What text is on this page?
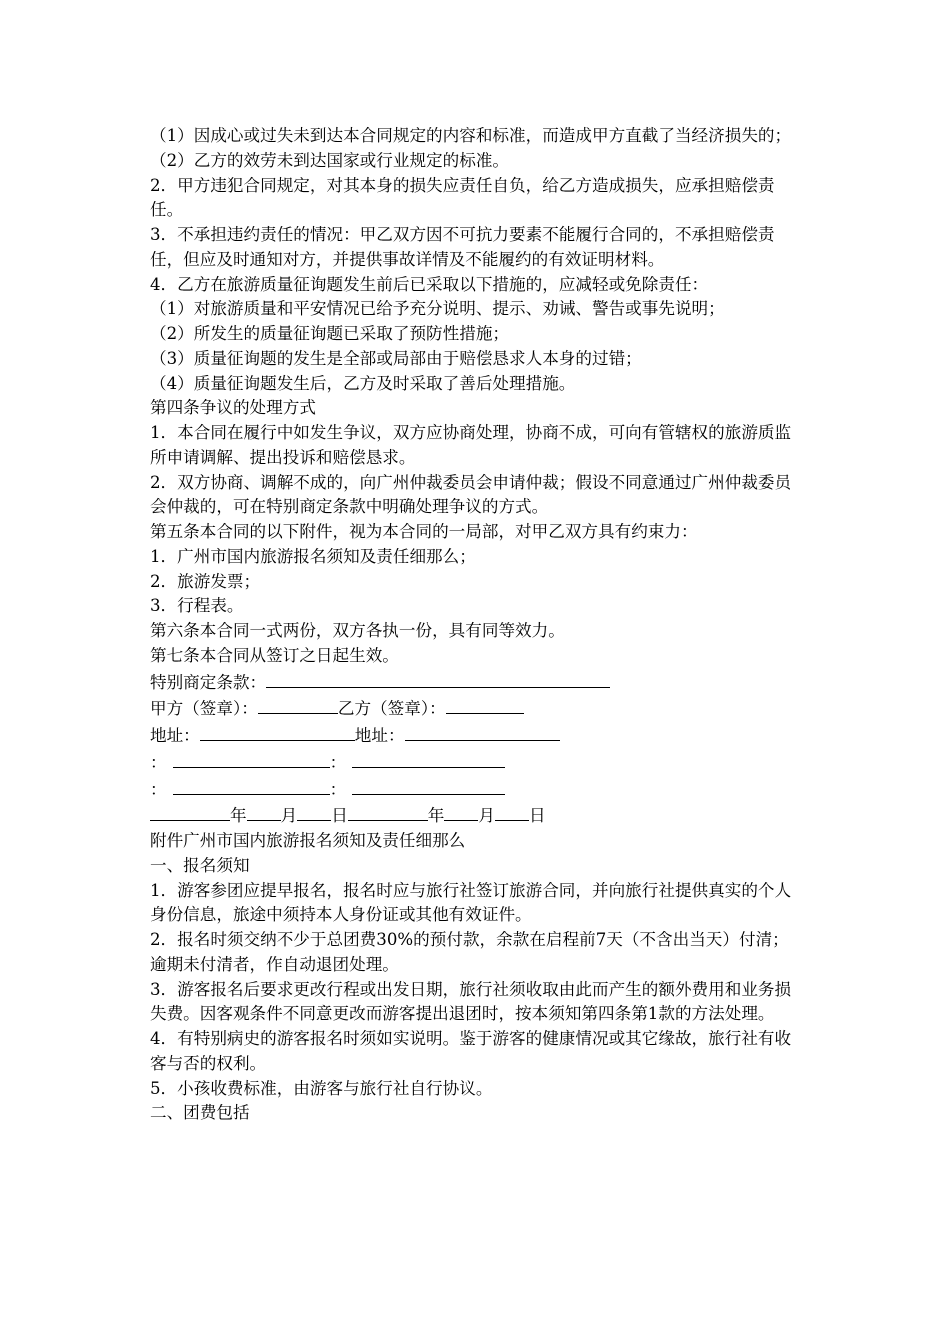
（1）因成心或过失未到达本合同规定的内容和标准，而造成甲方直截了当经济损失的；

（2）乙方的效劳未到达国家或行业规定的标准。

2．甲方违犯合同规定，对其本身的损失应责任自负，给乙方造成损失，应承担赔偿责任。

3．不承担违约责任的情况：甲乙双方因不可抗力要素不能履行合同的，不承担赔偿责任，但应及时通知对方，并提供事故详情及不能履约的有效证明材料。

4．乙方在旅游质量征询题发生前后已采取以下措施的，应减轻或免除责任：

（1）对旅游质量和平安情况已给予充分说明、提示、劝诫、警告或事先说明；

（2）所发生的质量征询题已采取了预防性措施；

（3）质量征询题的发生是全部或局部由于赔偿恳求人本身的过错；

（4）质量征询题发生后，乙方及时采取了善后处理措施。

第四条争议的处理方式

1．本合同在履行中如发生争议，双方应协商处理，协商不成，可向有管辖权的旅游质监所申请调解、提出投诉和赔偿恳求。

2．双方协商、调解不成的，向广州仲裁委员会申请仲裁；假设不同意通过广州仲裁委员会仲裁的，可在特别商定条款中明确处理争议的方式。

第五条本合同的以下附件，视为本合同的一局部，对甲乙双方具有约束力：

1．广州市国内旅游报名须知及责任细那么；

2．旅游发票；

3．行程表。

第六条本合同一式两份，双方各执一份，具有同等效力。

第七条本合同从签订之日起生效。

特别商定条款：

甲方（签章）：	乙方（签章）：

地址：	地址：

：	：

：	：

年 月 日	年 月 日

附件广州市国内旅游报名须知及责任细那么

一、报名须知

1．游客参团应提早报名，报名时应与旅行社签订旅游合同，并向旅行社提供真实的个人身份信息，旅途中须持本人身份证或其他有效证件。

2．报名时须交纳不少于总团费30%的预付款，余款在启程前7天（不含出当天）付清；逾期未付清者，作自动退团处理。

3．游客报名后要求更改行程或出发日期，旅行社须收取由此而产生的额外费用和业务损失费。因客观条件不同意更改而游客提出退团时，按本须知第四条第1款的方法处理。

4．有特别病史的游客报名时须如实说明。鉴于游客的健康情况或其它缘故，旅行社有收客与否的权利。

5．小孩收费标准，由游客与旅行社自行协议。

二、团费包括
